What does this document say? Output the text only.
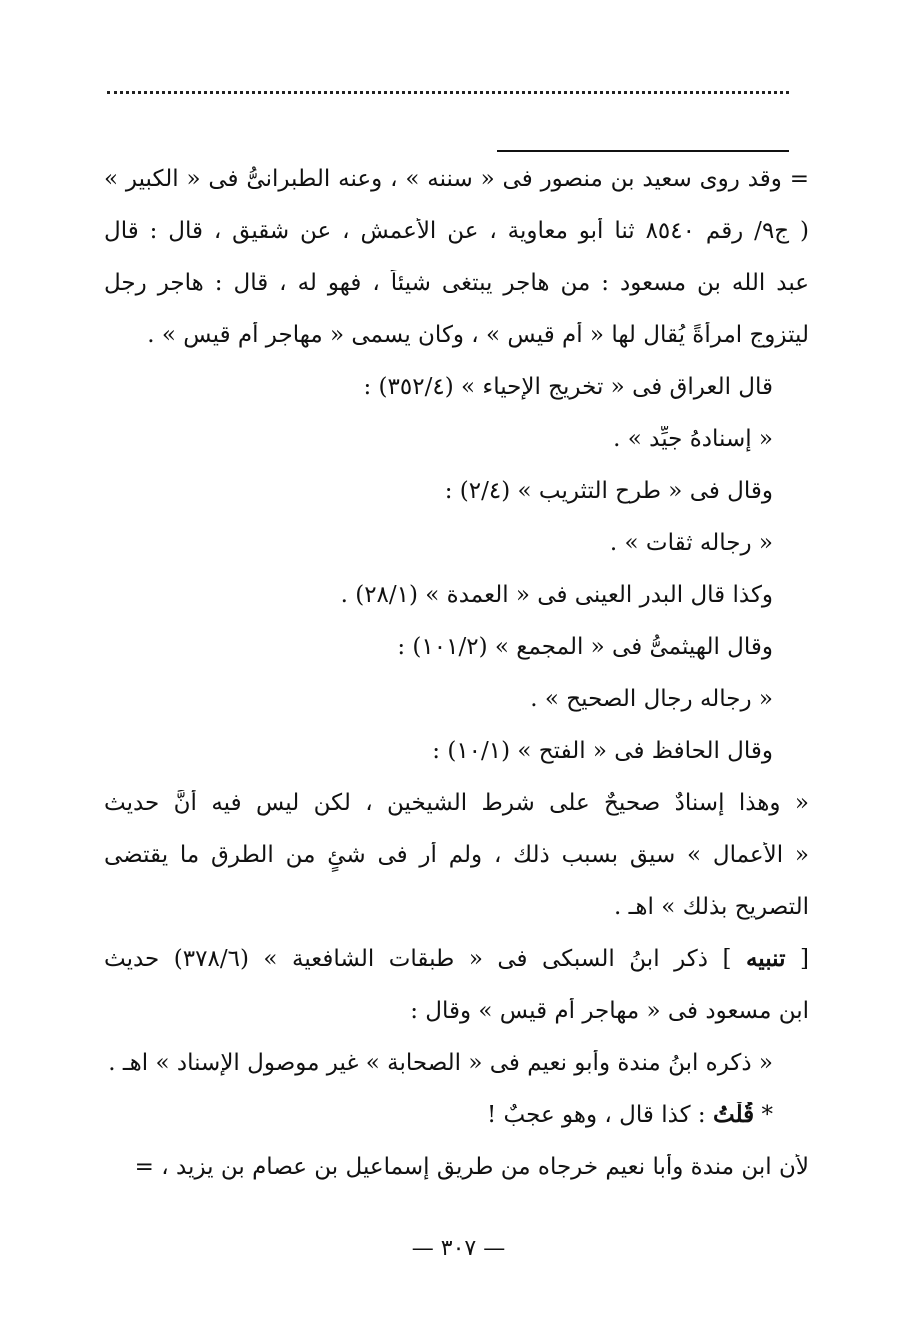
= وقد روى سعيد بن منصور فى « سننه » ، وعنه الطبرانىُّ فى « الكبير »
( ج٩/ رقم ٨٥٤٠ ثنا أبو معاوية ، عن الأعمش ، عن شقيق ، قال : قال
عبد الله بن مسعود : من هاجر يبتغى شيئاً ، فهو له ، قال : هاجر رجل
ليتزوج امرأةً يُقال لها « أم قيس » ، وكان يسمى « مهاجر أم قيس » .
قال العراق فى « تخريج الإحياء » (٣٥٢/٤) :
« إسنادهُ جيِّد » .
وقال فى « طرح التثريب » (٢/٤) :
« رجاله ثقات » .
وكذا قال البدر العينى فى « العمدة » (٢٨/١) .
وقال الهيثمىُّ فى « المجمع » (١٠١/٢) :
« رجاله رجال الصحيح » .
وقال الحافظ فى « الفتح » (١٠/١) :
« وهذا إسنادٌ صحيحٌ على شرط الشيخين ، لكن ليس فيه أنَّ حديث
« الأعمال » سيق بسبب ذلك ، ولم أر فى شئٍ من الطرق ما يقتضى
التصريح بذلك » اهـ .
[ تنبيه ] ذكر ابنُ السبكى فى « طبقات الشافعية » (٣٧٨/٦) حديث
ابن مسعود فى « مهاجر أم قيس » وقال :
« ذكره ابنُ مندة وأبو نعيم فى « الصحابة » غير موصول الإسناد » اهـ .
* قُلْتُ : كذا قال ، وهو عجبٌ !
لأن ابن مندة وأبا نعيم خرجاه من طريق إسماعيل بن عصام بن يزيد ، =
— ٣٠٧ —
